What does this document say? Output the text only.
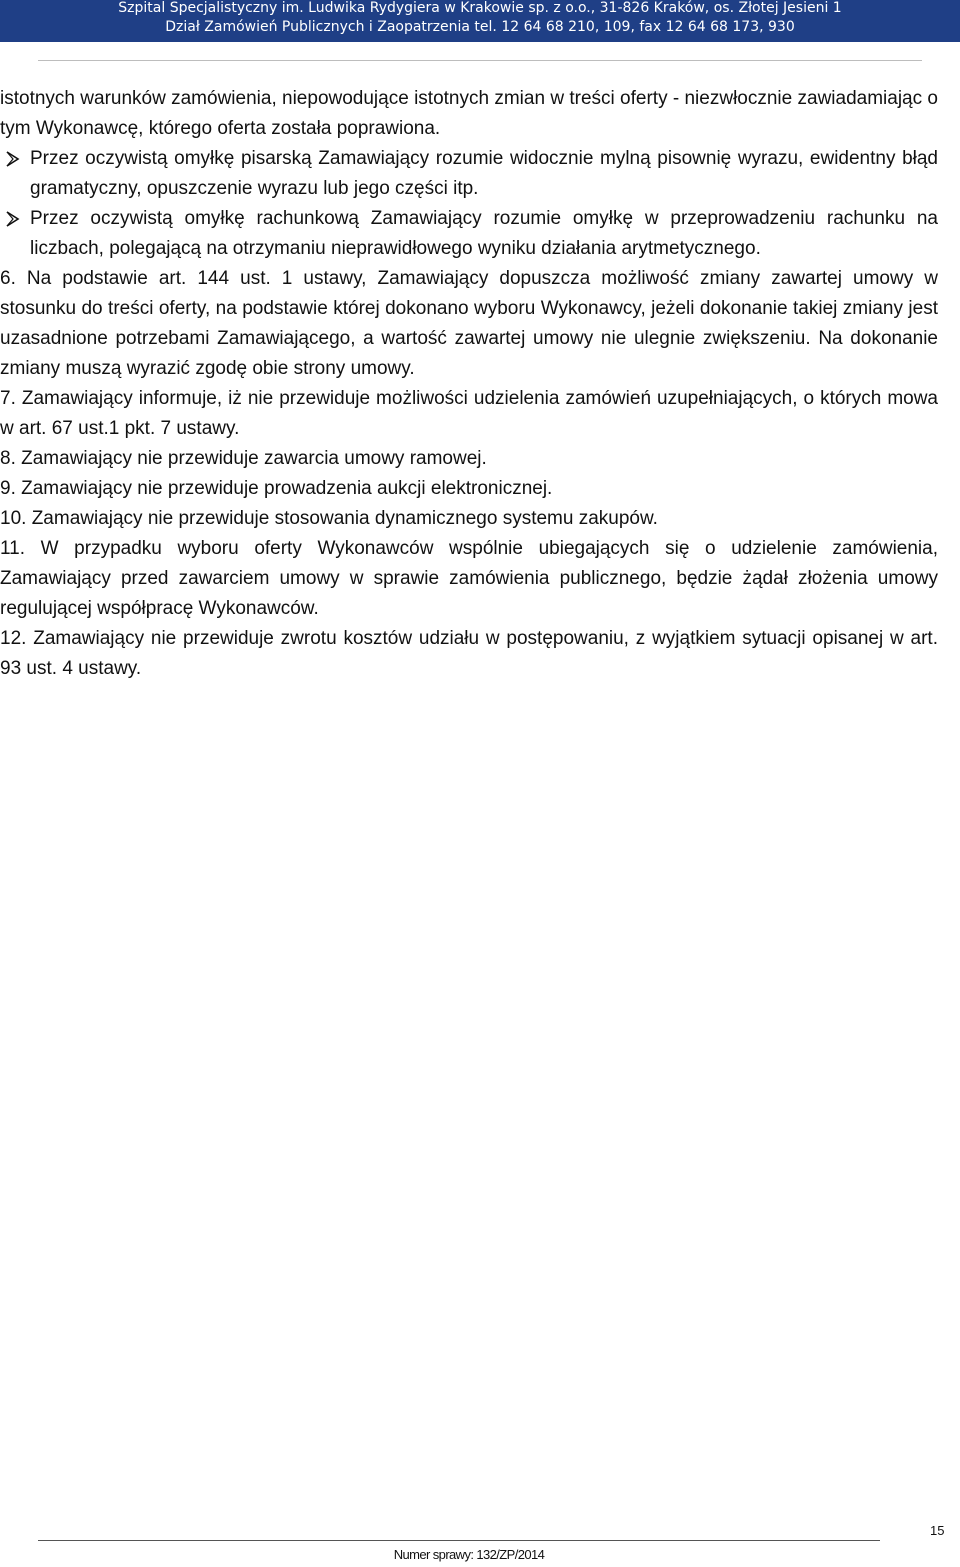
Szpital Specjalistyczny im. Ludwika Rydygiera w Krakowie sp. z o.o., 31-826 Kraków, os. Złotej Jesieni 1
Dział Zamówień Publicznych i Zaopatrzenia tel. 12 64 68 210, 109, fax 12 64 68 173, 930

istotnych warunków zamówienia, niepowodujące istotnych zmian w treści oferty - niezwłocznie zawiadamiając o tym Wykonawcę, którego oferta została poprawiona.

Przez oczywistą omyłkę pisarską Zamawiający rozumie widocznie mylną pisownię wyrazu, ewidentny błąd gramatyczny, opuszczenie wyrazu lub jego części itp.
Przez oczywistą omyłkę rachunkową Zamawiający rozumie omyłkę w przeprowadzeniu rachunku na liczbach, polegającą na otrzymaniu nieprawidłowego wyniku działania arytmetycznego.

6. Na podstawie art. 144 ust. 1 ustawy, Zamawiający dopuszcza możliwość zmiany zawartej umowy w stosunku do treści oferty, na podstawie której dokonano wyboru Wykonawcy, jeżeli dokonanie takiej zmiany jest uzasadnione potrzebami Zamawiającego, a wartość zawartej umowy nie ulegnie zwiększeniu. Na dokonanie zmiany muszą wyrazić zgodę obie strony umowy.

7. Zamawiający informuje, iż nie przewiduje możliwości udzielenia zamówień uzupełniających, o których mowa w art. 67 ust.1 pkt. 7 ustawy.

8. Zamawiający nie przewiduje zawarcia umowy ramowej.

9. Zamawiający nie przewiduje prowadzenia aukcji elektronicznej.

10. Zamawiający nie przewiduje stosowania dynamicznego systemu zakupów.

11. W przypadku wyboru oferty Wykonawców wspólnie ubiegających się o udzielenie zamówienia, Zamawiający przed zawarciem umowy w sprawie zamówienia publicznego, będzie żądał złożenia umowy regulującej współpracę Wykonawców.

12. Zamawiający nie przewiduje zwrotu kosztów udziału w postępowaniu, z wyjątkiem sytuacji opisanej w art. 93 ust. 4 ustawy.

15
Numer sprawy: 132/ZP/2014
